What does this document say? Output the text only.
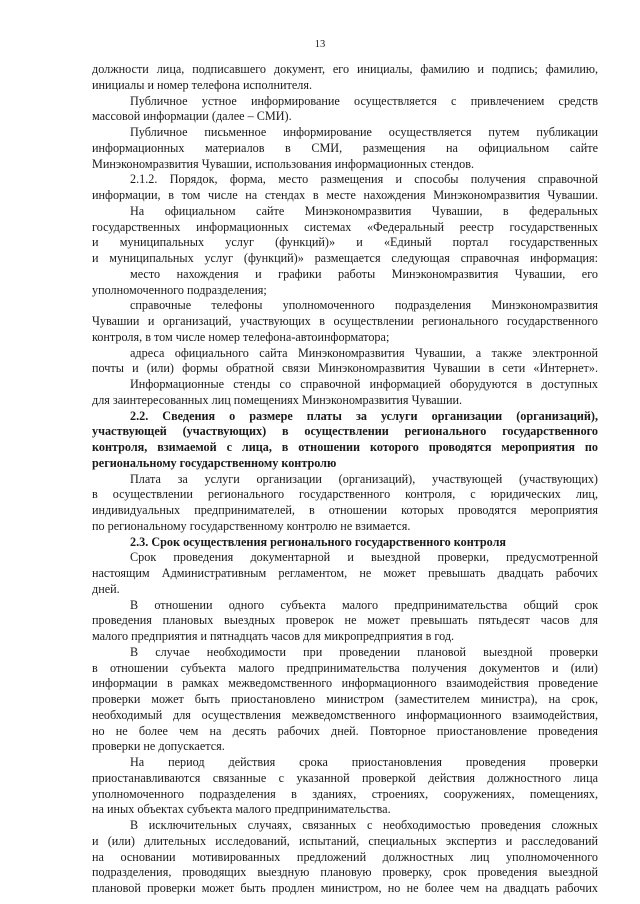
13
должности лица, подписавшего документ, его инициалы, фамилию и подпись; фамилию,
инициалы и номер телефона исполнителя.
Публичное устное информирование осуществляется с привлечением средств
массовой информации (далее – СМИ).
Публичное письменное информирование осуществляется путем публикации
информационных материалов в СМИ, размещения на официальном сайте
Минэкономразвития Чувашии, использования информационных стендов.
2.1.2. Порядок, форма, место размещения и способы получения справочной
информации, в том числе на стендах в месте нахождения Минэкономразвития Чувашии.
На официальном сайте Минэкономразвития Чувашии, в федеральных
государственных информационных системах «Федеральный реестр государственных
и муниципальных услуг (функций)» и «Единый портал государственных
и муниципальных услуг (функций)» размещается следующая справочная информация:
место нахождения и графики работы Минэкономразвития Чувашии, его
уполномоченного подразделения;
справочные телефоны уполномоченного подразделения Минэкономразвития
Чувашии и организаций, участвующих в осуществлении регионального государственного
контроля, в том числе номер телефона-автоинформатора;
адреса официального сайта Минэкономразвития Чувашии, а также электронной
почты и (или) формы обратной связи Минэкономразвития Чувашии в сети «Интернет».
Информационные стенды со справочной информацией оборудуются в доступных
для заинтересованных лиц помещениях Минэкономразвития Чувашии.
2.2. Сведения о размере платы за услуги организации (организаций),
участвующей (участвующих) в осуществлении регионального государственного
контроля, взимаемой с лица, в отношении которого проводятся мероприятия по
региональному государственному контролю
Плата за услуги организации (организаций), участвующей (участвующих)
в осуществлении регионального государственного контроля, с юридических лиц,
индивидуальных предпринимателей, в отношении которых проводятся мероприятия
по региональному государственному контролю не взимается.
2.3. Срок осуществления регионального государственного контроля
Срок проведения документарной и выездной проверки, предусмотренной
настоящим Административным регламентом, не может превышать двадцать рабочих
дней.
В отношении одного субъекта малого предпринимательства общий срок
проведения плановых выездных проверок не может превышать пятьдесят часов для
малого предприятия и пятнадцать часов для микропредприятия в год.
В случае необходимости при проведении плановой выездной проверки
в отношении субъекта малого предпринимательства получения документов и (или)
информации в рамках межведомственного информационного взаимодействия проведение
проверки может быть приостановлено министром (заместителем министра), на срок,
необходимый для осуществления межведомственного информационного взаимодействия,
но не более чем на десять рабочих дней. Повторное приостановление проведения
проверки не допускается.
На период действия срока приостановления проведения проверки
приостанавливаются связанные с указанной проверкой действия должностного лица
уполномоченного подразделения в зданиях, строениях, сооружениях, помещениях,
на иных объектах субъекта малого предпринимательства.
В исключительных случаях, связанных с необходимостью проведения сложных
и (или) длительных исследований, испытаний, специальных экспертиз и расследований
на основании мотивированных предложений должностных лиц уполномоченного
подразделения, проводящих выездную плановую проверку, срок проведения выездной
плановой проверки может быть продлен министром, но не более чем на двадцать рабочих
